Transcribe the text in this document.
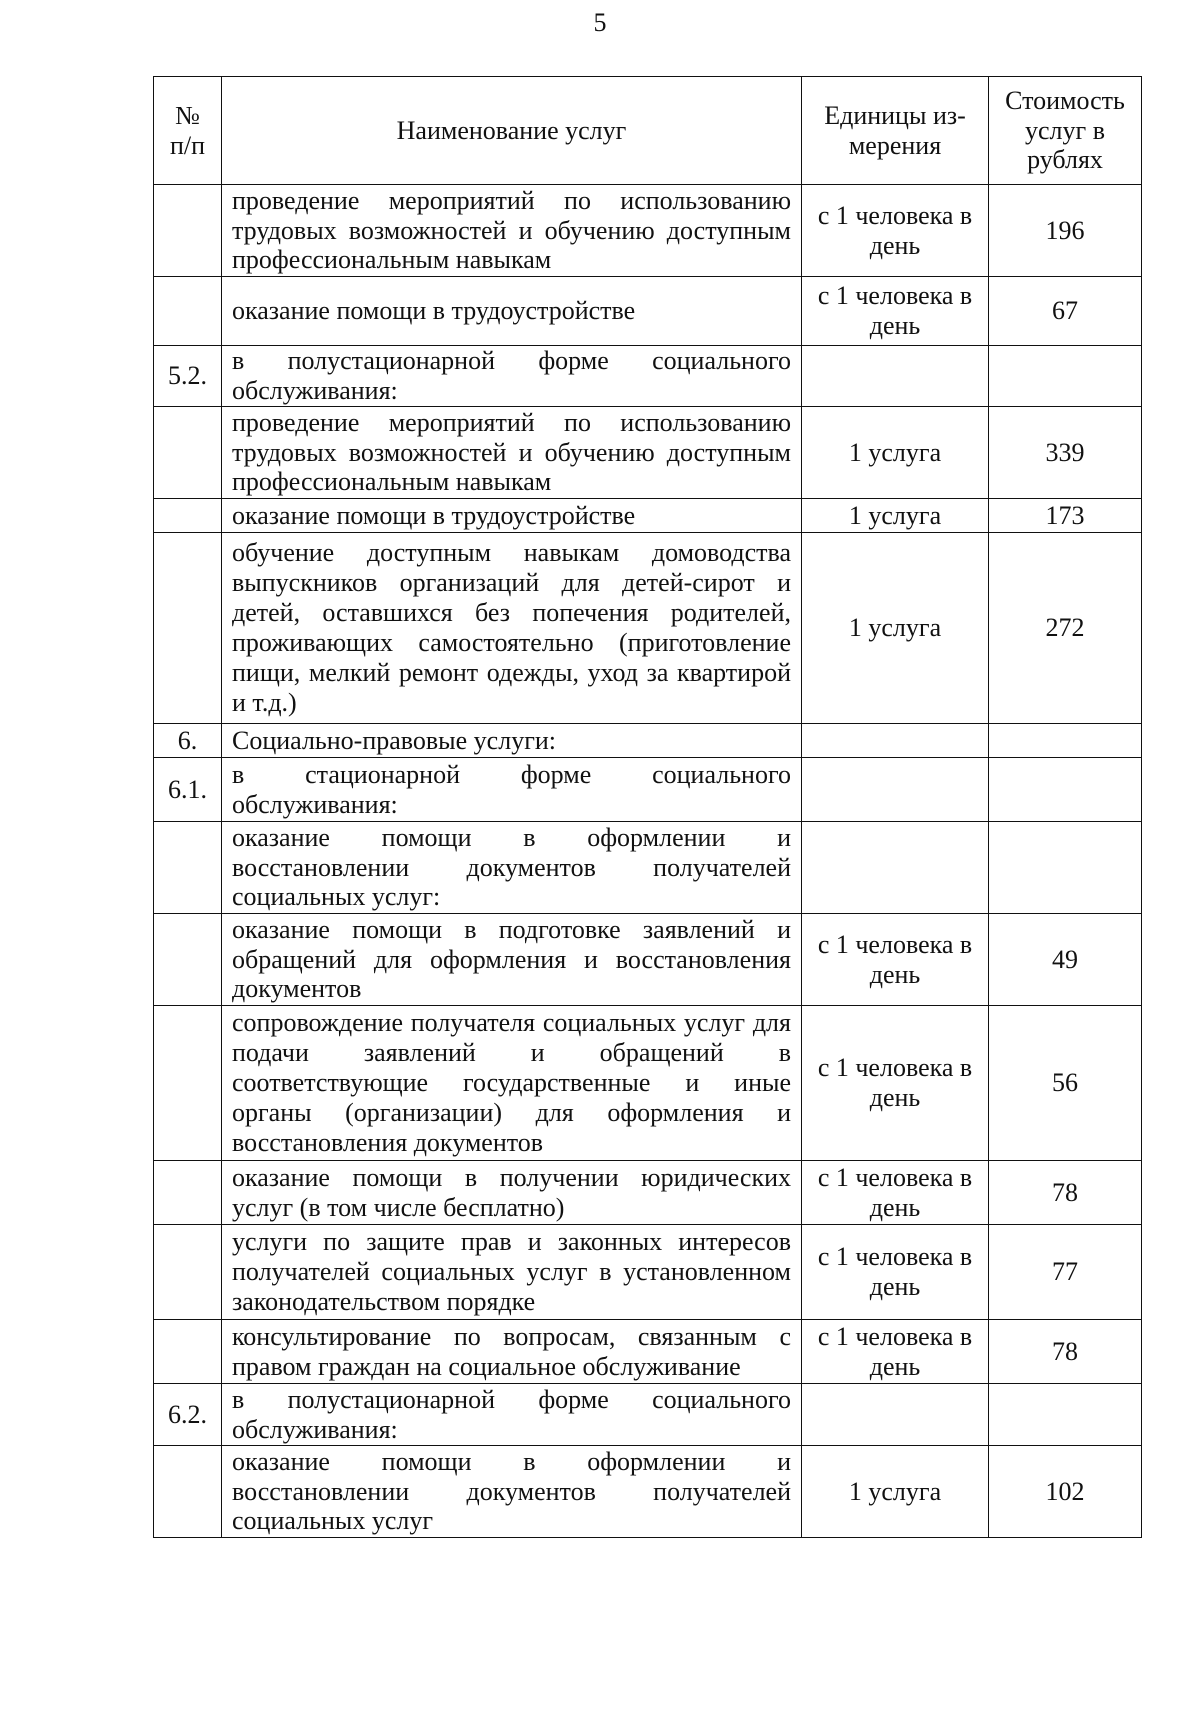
5
№ п/п	Наименование услуг	Единицы из-мерения	Стоимость услуг в рублях
	проведение мероприятий по использованию трудовых возможностей и обучению доступным профессиональным навыкам	с 1 человека в день	196
	оказание помощи в трудоустройстве	с 1 человека в день	67
5.2.	в полустационарной форме социального обслуживания:		
	проведение мероприятий по использованию трудовых возможностей и обучению доступным профессиональным навыкам	1 услуга	339
	оказание помощи в трудоустройстве	1 услуга	173
	обучение доступным навыкам домоводства выпускников организаций для детей-сирот и детей, оставшихся без попечения родителей, проживающих самостоятельно (приготовление пищи, мелкий ремонт одежды, уход за квартирой и т.д.)	1 услуга	272
6.	Социально-правовые услуги:		
6.1.	в стационарной форме социального обслуживания:		
	оказание помощи в оформлении и восстановлении документов получателей социальных услуг:		
	оказание помощи в подготовке заявлений и обращений для оформления и восстановления документов	с 1 человека в день	49
	сопровождение получателя социальных услуг для подачи заявлений и обращений в соответствующие государственные и иные органы (организации) для оформления и восстановления документов	с 1 человека в день	56
	оказание помощи в получении юридических услуг (в том числе бесплатно)	с 1 человека в день	78
	услуги по защите прав и законных интересов получателей социальных услуг в установленном законодательством порядке	с 1 человека в день	77
	консультирование по вопросам, связанным с правом граждан на социальное обслуживание	с 1 человека в день	78
6.2.	в полустационарной форме социального обслуживания:		
	оказание помощи в оформлении и восстановлении документов получателей социальных услуг	1 услуга	102
